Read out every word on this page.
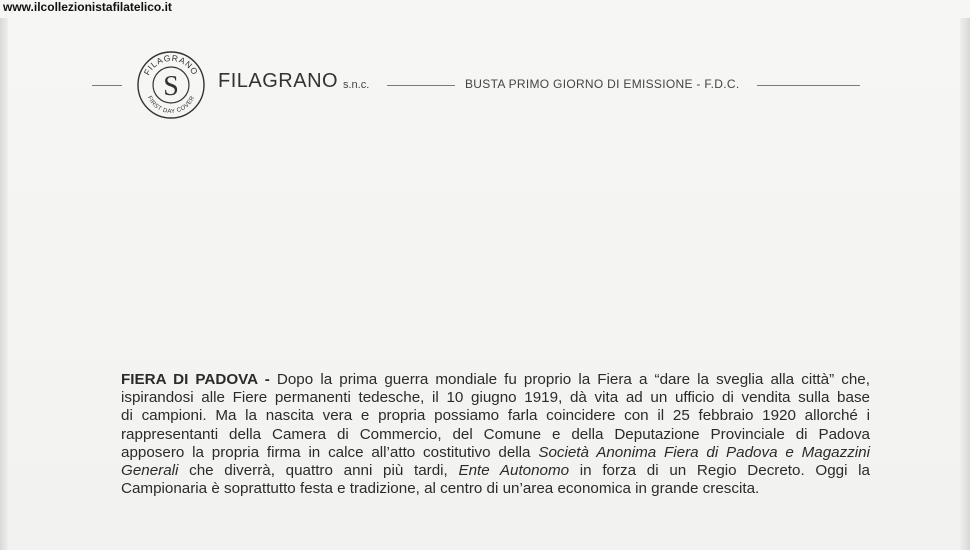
www.ilcollezionistafilatelico.it
FILAGRANO
FIRST DAY COVER
S FILAGRANO s.n.c.	BUSTA PRIMO GIORNO DI EMISSIONE - F.D.C.
FIERA DI PADOVA - Dopo la prima guerra mondiale fu proprio la Fiera a “dare la sveglia alla città” che,
ispirandosi alle Fiere permanenti tedesche, il 10 giugno 1919, dà vita ad un ufficio di vendita sulla base
di campioni. Ma la nascita vera e propria possiamo farla coincidere con il 25 febbraio 1920 allorché i
rappresentanti della Camera di Commercio, del Comune e della Deputazione Provinciale di Padova
apposero la propria firma in calce all’atto costitutivo della Società Anonima Fiera di Padova e Magazzini
Generali che diverrà, quattro anni più tardi, Ente Autonomo in forza di un Regio Decreto. Oggi la
Campionaria è soprattutto festa e tradizione, al centro di un’area economica in grande crescita.
